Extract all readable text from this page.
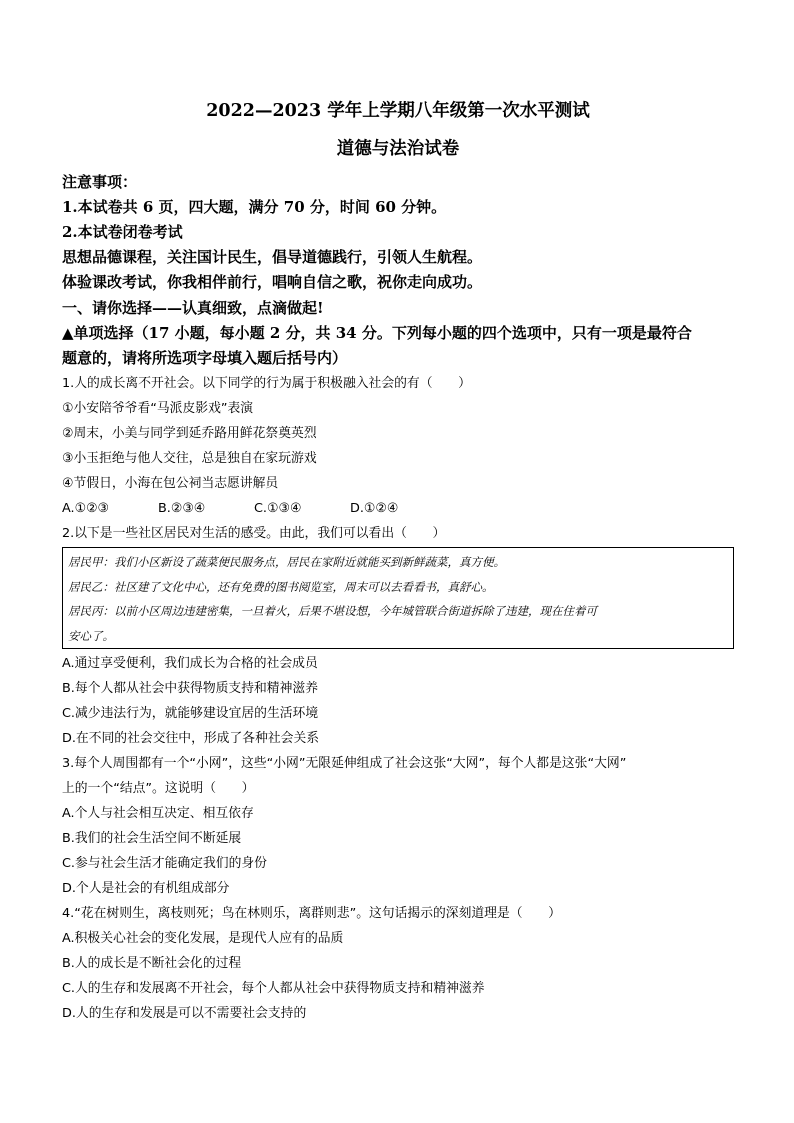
2022—2023 学年上学期八年级第一次水平测试

道德与法治试卷

注意事项：

1.本试卷共 6 页，四大题，满分 70 分，时间 60 分钟。

2.本试卷闭卷考试

思想品德课程，关注国计民生，倡导道德践行，引领人生航程。

体验课改考试，你我相伴前行，唱响自信之歌，祝你走向成功。

一、请你选择——认真细致，点滴做起!

▲单项选择（17 小题，每小题 2 分，共 34 分。下列每小题的四个选项中，只有一项是最符合

题意的，请将所选项字母填入题后括号内）

1.人的成长离不开社会。以下同学的行为属于积极融入社会的有（　　）

①小安陪爷爷看“马派皮影戏”表演

②周末，小美与同学到延乔路用鲜花祭奠英烈

③小玉拒绝与他人交往，总是独自在家玩游戏

④节假日，小海在包公祠当志愿讲解员

A.①②③	B.②③④	C.①③④	D.①②④

2.以下是一些社区居民对生活的感受。由此，我们可以看出（　　）

居民甲：我们小区新设了蔬菜便民服务点，居民在家附近就能买到新鲜蔬菜，真方便。

居民乙：社区建了文化中心，还有免费的图书阅览室，周末可以去看看书，真舒心。

居民丙：以前小区周边违建密集，一旦着火，后果不堪设想，今年城管联合街道拆除了违建，现在住着可

安心了。

A.通过享受便利，我们成长为合格的社会成员

B.每个人都从社会中获得物质支持和精神滋养

C.减少违法行为，就能够建设宜居的生活环境

D.在不同的社会交往中，形成了各种社会关系

3.每个人周围都有一个“小网”，这些“小网”无限延伸组成了社会这张“大网”，每个人都是这张“大网”

上的一个“结点”。这说明（　　）

A.个人与社会相互决定、相互依存

B.我们的社会生活空间不断延展

C.参与社会生活才能确定我们的身份

D.个人是社会的有机组成部分

4.“花在树则生，离枝则死；鸟在林则乐，离群则悲”。这句话揭示的深刻道理是（　　）

A.积极关心社会的变化发展，是现代人应有的品质

B.人的成长是不断社会化的过程

C.人的生存和发展离不开社会，每个人都从社会中获得物质支持和精神滋养

D.人的生存和发展是可以不需要社会支持的
